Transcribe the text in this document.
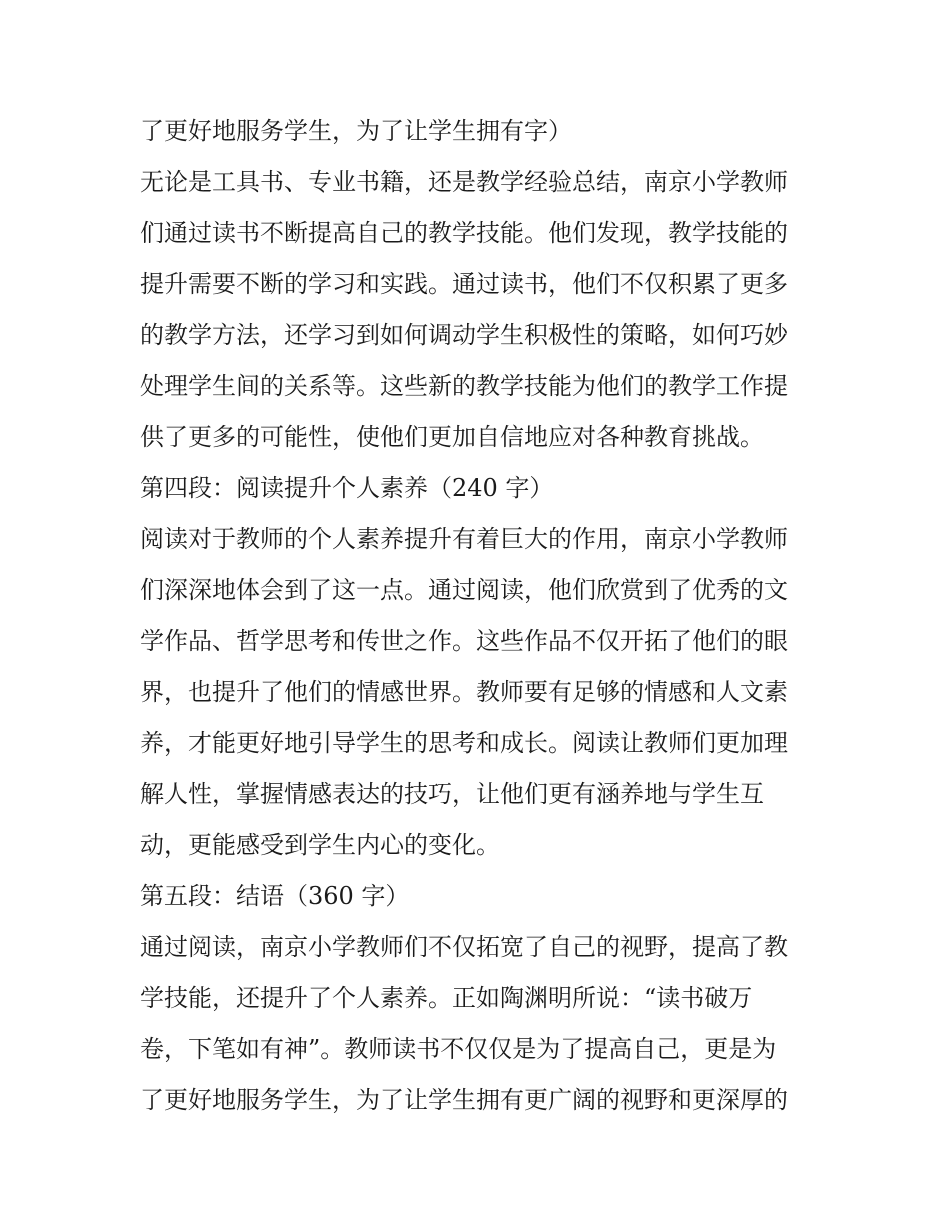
了更好地服务学生，为了让学生拥有字）
无论是工具书、专业书籍，还是教学经验总结，南京小学教师
们通过读书不断提高自己的教学技能。他们发现，教学技能的
提升需要不断的学习和实践。通过读书，他们不仅积累了更多
的教学方法，还学习到如何调动学生积极性的策略，如何巧妙
处理学生间的关系等。这些新的教学技能为他们的教学工作提
供了更多的可能性，使他们更加自信地应对各种教育挑战。
第四段：阅读提升个人素养（240 字）
阅读对于教师的个人素养提升有着巨大的作用，南京小学教师
们深深地体会到了这一点。通过阅读，他们欣赏到了优秀的文
学作品、哲学思考和传世之作。这些作品不仅开拓了他们的眼
界，也提升了他们的情感世界。教师要有足够的情感和人文素
养，才能更好地引导学生的思考和成长。阅读让教师们更加理
解人性，掌握情感表达的技巧，让他们更有涵养地与学生互
动，更能感受到学生内心的变化。
第五段：结语（360 字）
通过阅读，南京小学教师们不仅拓宽了自己的视野，提高了教
学技能，还提升了个人素养。正如陶渊明所说：“读书破万
卷，下笔如有神”。教师读书不仅仅是为了提高自己，更是为
了更好地服务学生，为了让学生拥有更广阔的视野和更深厚的
